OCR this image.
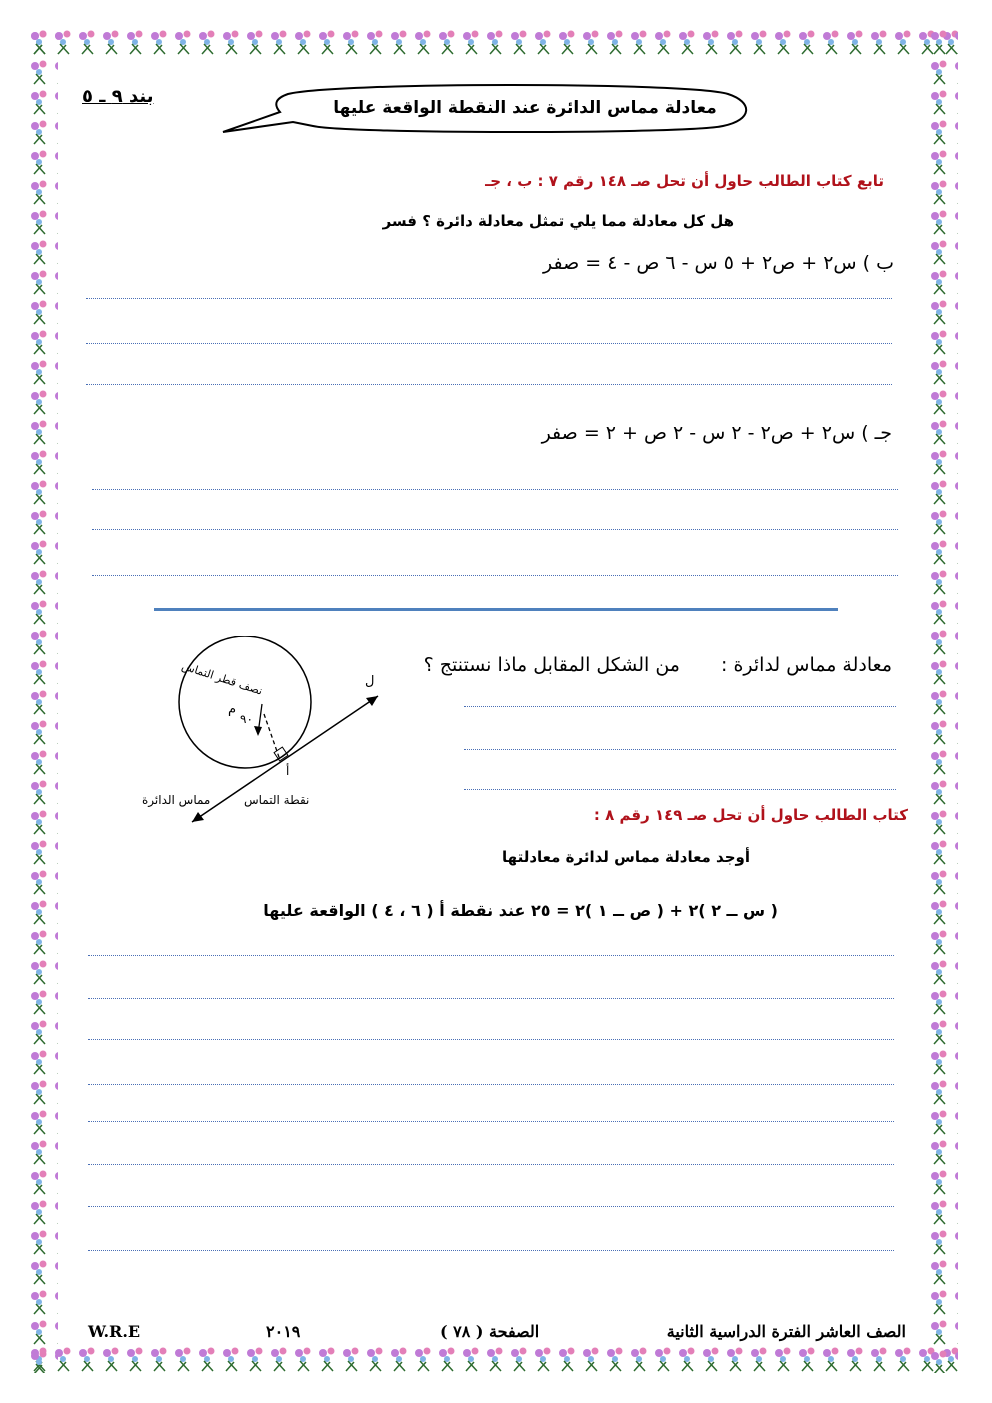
بند ٩ ـ ٥
معادلة مماس الدائرة عند النقطة الواقعة عليها
تابع كتاب الطالب حاول أن تحل صـ ١٤٨ رقم ٧ : ب ، جـ
هل كل معادلة مما يلي تمثل معادلة دائرة ؟ فسر
ب ) س٢ + ص٢ + ٥ س - ٦ ص - ٤ = صفر
جـ ) س٢ + ص٢ - ٢ س - ٢ ص + ٢ = صفر
معادلة مماس لدائرة :
من الشكل المقابل ماذا نستنتج ؟
نصف قطر التماس
م
٩٠
ل
أ
نقطة التماس
مماس الدائرة
كتاب الطالب حاول أن تحل صـ ١٤٩ رقم ٨ :
أوجد معادلة مماس لدائرة معادلتها
( س ــ ٢ )٢ + ( ص ــ ١ )٢ = ٢٥ عند نقطة أ ( ٦ ، ٤ ) الواقعة عليها
الصف العاشر الفترة الدراسية الثانية
الصفحة ( ٧٨ )
٢٠١٩
W.R.E
